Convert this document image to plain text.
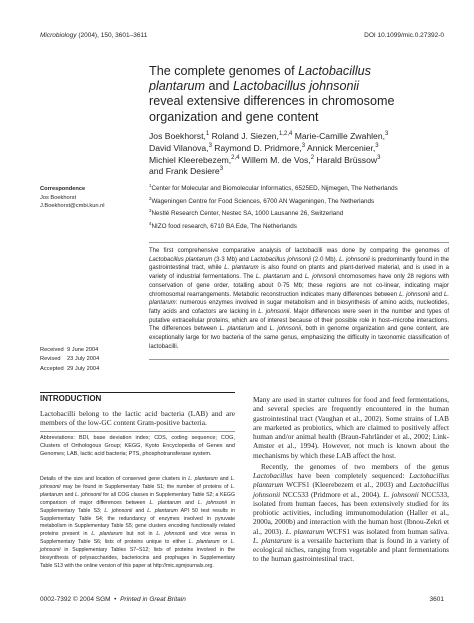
Microbiology (2004), 150, 3601–3611	DOI 10.1099/mic.0.27392-0
The complete genomes of Lactobacillus
plantarum and Lactobacillus johnsonii
reveal extensive differences in chromosome
organization and gene content
Jos Boekhorst,$^1$ Roland J. Siezen,$^{1,2,4}$ Marie-Camille Zwahlen,$^3$
David Vilanova,$^3$ Raymond D. Pridmore,$^3$ Annick Mercenier,$^3$
Michiel Kleerebezem,$^{2,4}$ Willem M. de Vos,$^2$ Harald Brüssow$^3$
and Frank Desiere$^3$
$^1$Center for Molecular and Biomolecular Informatics, 6525ED, Nijmegen, The Netherlands
$^2$Wageningen Centre for Food Sciences, 6700 AN Wageningen, The Netherlands
$^3$Nestlé Research Center, Nestec SA, 1000 Lausanne 26, Switzerland
$^4$NIZO food research, 6710 BA Ede, The Netherlands
Correspondence
Jos Boekhorst
J.Boekhorst@cmbi.kun.nl
Received 9 June 2004
Revised	23 July 2004
Accepted 29 July 2004
The first comprehensive comparative analysis of lactobacilli was done by comparing the genomes of Lactobacillus plantarum (3·3 Mb) and Lactobacillus johnsonii (2·0 Mb). L. johnsonii is predominantly found in the gastrointestinal tract, while L. plantarum is also found on plants and plant-derived material, and is used in a variety of industrial fermentations. The L. plantarum and L. johnsonii chromosomes have only 28 regions with conservation of gene order, totalling about 0·75 Mb; these regions are not co-linear, indicating major chromosomal rearrangements. Metabolic reconstruction indicates many differences between L. johnsonii and L. plantarum: numerous enzymes involved in sugar metabolism and in biosynthesis of amino acids, nucleotides, fatty acids and cofactors are lacking in L. johnsonii. Major differences were seen in the number and types of putative extracellular proteins, which are of interest because of their possible role in host–microbe interactions. The differences between L. plantarum and L. johnsonii, both in genome organization and gene content, are exceptionally large for two bacteria of the same genus, emphasizing the difficulty in taxonomic classification of lactobacilli.
INTRODUCTION
Lactobacilli belong to the lactic acid bacteria (LAB) and are members of the low-GC content Gram-positive bacteria.
Abbreviations: BDI, base deviation index; CDS, coding sequence; COG, Clusters of Orthologous Group; KEGG, Kyoto Encyclopedia of Genes and Genomes; LAB, lactic acid bacteria; PTS, phosphotransferase system.
Details of the size and location of conserved gene clusters in L. plantarum and L. johnsonii may be found in Supplementary Table S1; the number of proteins of L. plantarum and L. johnsonii for all COG classes in Supplementary Table S2; a KEGG comparison of major differences between L. plantarum and L. johnsonii in Supplementary Table S3; L. johnsonii and L. plantarum API 50 test results in Supplementary Table S4; the redundancy of enzymes involved in pyruvate metabolism in Supplementary Table S5; gene clusters encoding functionally related proteins present in L. plantarum but not in L. johnsonii and vice versa in Supplementary Table S6; lists of proteins unique to either L. plantarum or L. johnsonii in Supplementary Tables S7–S12; lists of proteins involved in the biosynthesis of polysaccharides, bacteriocins and prophages in Supplementary Table S13 with the online version of this paper at http://mic.sgmjournals.org.

Many are used in starter cultures for food and feed fermentations, and several species are frequently encountered in the human gastrointestinal tract (Vaughan et al., 2002). Some strains of LAB are marketed as probiotics, which are claimed to positively affect human and/or animal health (Braun-Fahrländer et al., 2002; Link-Amster et al., 1994). However, not much is known about the mechanisms by which these LAB affect the host.

Recently, the genomes of two members of the genus Lactobacillus have been completely sequenced: Lactobacillus plantarum WCFS1 (Kleerebezem et al., 2003) and Lactobacillus johnsonii NCC533 (Pridmore et al., 2004). L. johnsonii NCC533, isolated from human faeces, has been extensively studied for its probiotic activities, including immunomodulation (Haller et al., 2000a, 2000b) and interaction with the human host (Ibnou-Zekri et al., 2003). L. plantarum WCFS1 was isolated from human saliva. L. plantarum is a versatile bacterium that is found in a variety of ecological niches, ranging from vegetable and plant fermentations to the human gastrointestinal tract.

0002-7392 © 2004 SGM  •  Printed in Great Britain	3601
